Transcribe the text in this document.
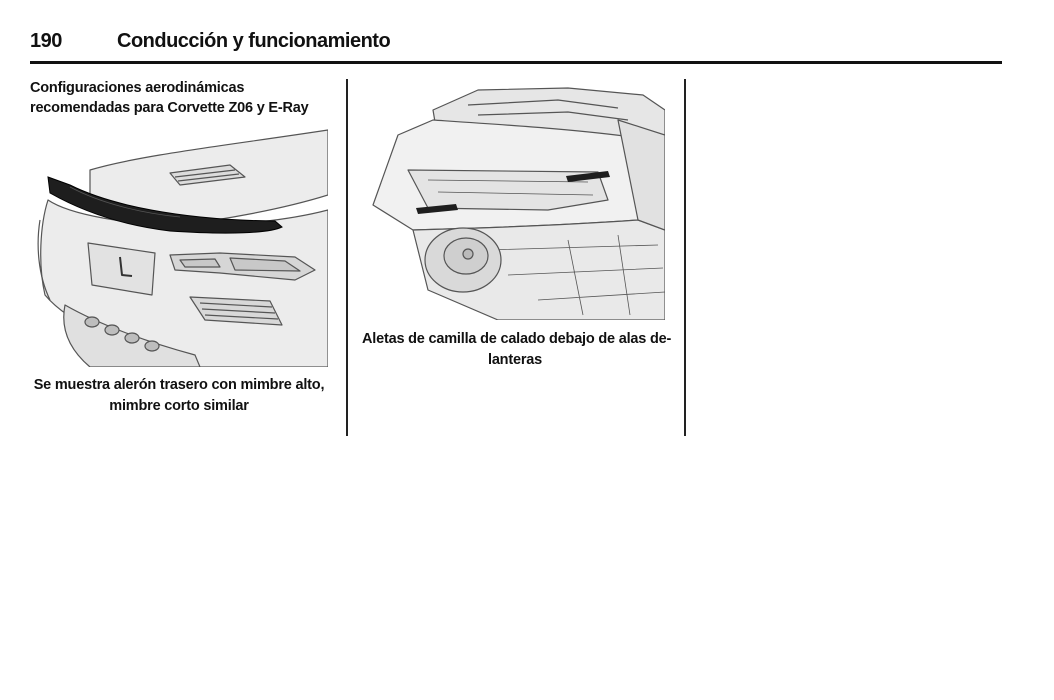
190	Conducción y funcionamiento
Configuraciones aerodinámicas
recomendadas para Corvette Z06 y E-Ray
Se muestra alerón trasero con mimbre alto,
mimbre corto similar
Aletas de camilla de calado debajo de alas de-
lanteras
